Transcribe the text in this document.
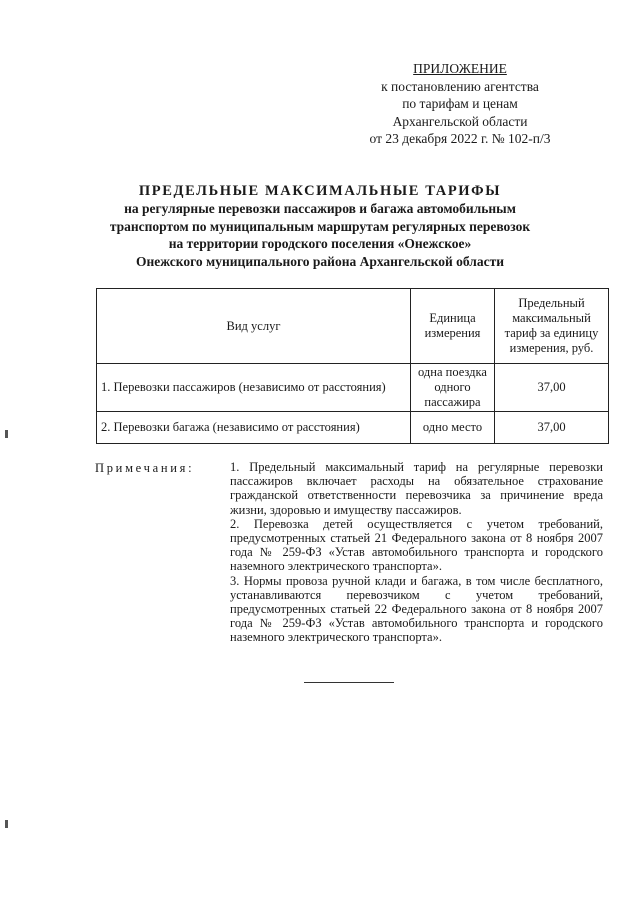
ПРИЛОЖЕНИЕ
к постановлению агентства
по тарифам и ценам
Архангельской области
от 23 декабря 2022 г. № 102-п/3
ПРЕДЕЛЬНЫЕ МАКСИМАЛЬНЫЕ ТАРИФЫ
на регулярные перевозки пассажиров и багажа автомобильным
транспортом по муниципальным маршрутам регулярных перевозок
на территории городского поселения «Онежское»
Онежского муниципального района Архангельской области
Вид услуг	Единица измерения	Предельный максимальный тариф за единицу измерения, руб.
1. Перевозки пассажиров (независимо от расстояния)	одна поездка одного пассажира	37,00
2. Перевозки багажа (независимо от расстояния)	одно место	37,00
Примечания:	1. Предельный максимальный тариф на регулярные перевозки пассажиров включает расходы на обязательное страхование гражданской ответственности перевозчика за причинение вреда жизни, здоровью и имуществу пассажиров.

2. Перевозка детей осуществляется с учетом требований, предусмотренных статьей 21 Федерального закона от 8 ноября 2007 года № 259-ФЗ «Устав автомобильного транспорта и городского наземного электрического транспорта».

3. Нормы провоза ручной клади и багажа, в том числе бесплатного, устанавливаются перевозчиком с учетом требований, предусмотренных статьей 22 Федерального закона от 8 ноября 2007 года № 259-ФЗ «Устав автомобильного транспорта и городского наземного электрического транспорта».
